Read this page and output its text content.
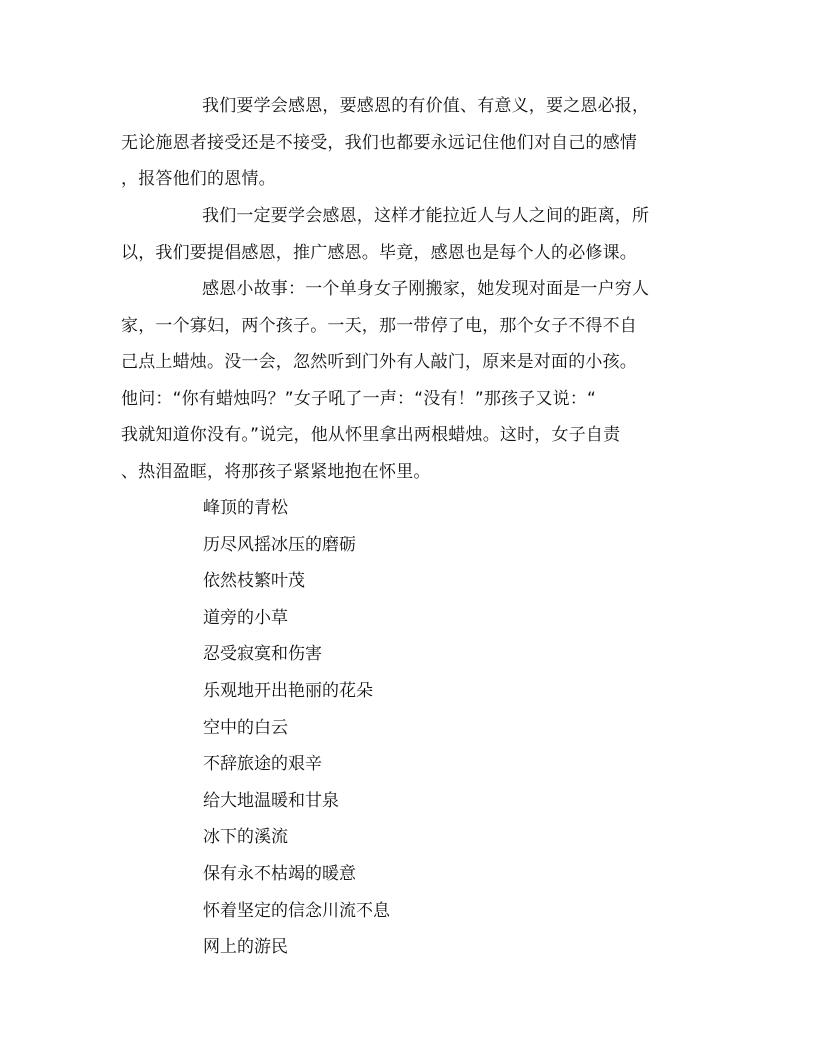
我们要学会感恩，要感恩的有价值、有意义，要之恩必报，
无论施恩者接受还是不接受，我们也都要永远记住他们对自己的感情
，报答他们的恩情。
我们一定要学会感恩，这样才能拉近人与人之间的距离，所
以，我们要提倡感恩，推广感恩。毕竟，感恩也是每个人的必修课。
感恩小故事：一个单身女子刚搬家，她发现对面是一户穷人
家，一个寡妇，两个孩子。一天，那一带停了电，那个女子不得不自
己点上蜡烛。没一会，忽然听到门外有人敲门，原来是对面的小孩。
他问：“你有蜡烛吗？”女子吼了一声：“没有！”那孩子又说：“
我就知道你没有。”说完，他从怀里拿出两根蜡烛。这时，女子自责
、热泪盈眶，将那孩子紧紧地抱在怀里。
峰顶的青松
历尽风摇冰压的磨砺
依然枝繁叶茂
道旁的小草
忍受寂寞和伤害
乐观地开出艳丽的花朵
空中的白云
不辞旅途的艰辛
给大地温暖和甘泉
冰下的溪流
保有永不枯竭的暖意
怀着坚定的信念川流不息
网上的游民
